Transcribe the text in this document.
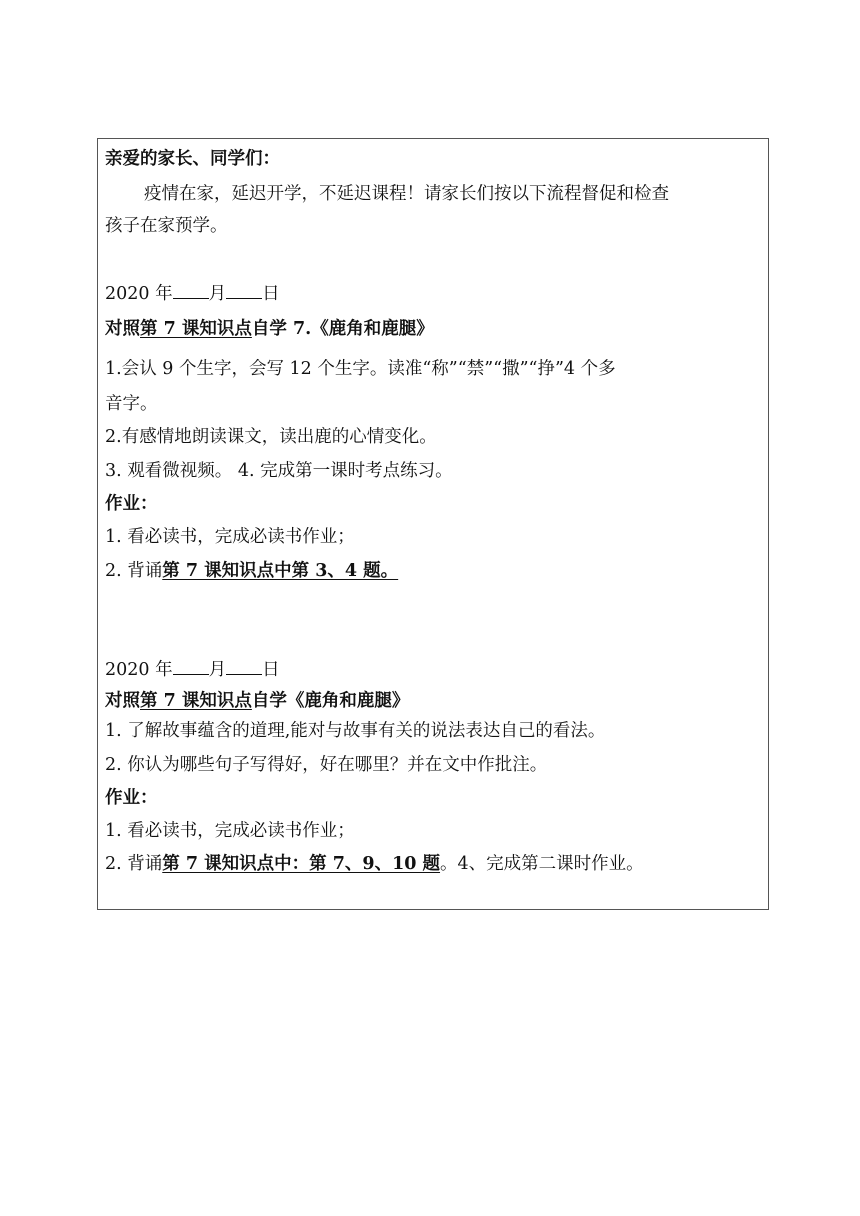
亲爱的家长、同学们：
疫情在家，延迟开学，不延迟课程！请家长们按以下流程督促和检查
孩子在家预学。
2020 年 月 日
对照第 7 课知识点自学 7.《鹿角和鹿腿》
1.会认 9 个生字，会写 12 个生字。读准“称”“禁”“撒”“挣”4 个多
音字。
2.有感情地朗读课文，读出鹿的心情变化。
3. 观看微视频。 4. 完成第一课时考点练习。
作业：
1. 看必读书，完成必读书作业；
2. 背诵第 7 课知识点中第 3、4 题。
2020 年 月 日
对照第 7 课知识点自学《鹿角和鹿腿》
1. 了解故事蕴含的道理,能对与故事有关的说法表达自己的看法。
2. 你认为哪些句子写得好，好在哪里？并在文中作批注。
作业：
1. 看必读书，完成必读书作业；
2. 背诵第 7 课知识点中：第 7、9、10 题。4、完成第二课时作业。
